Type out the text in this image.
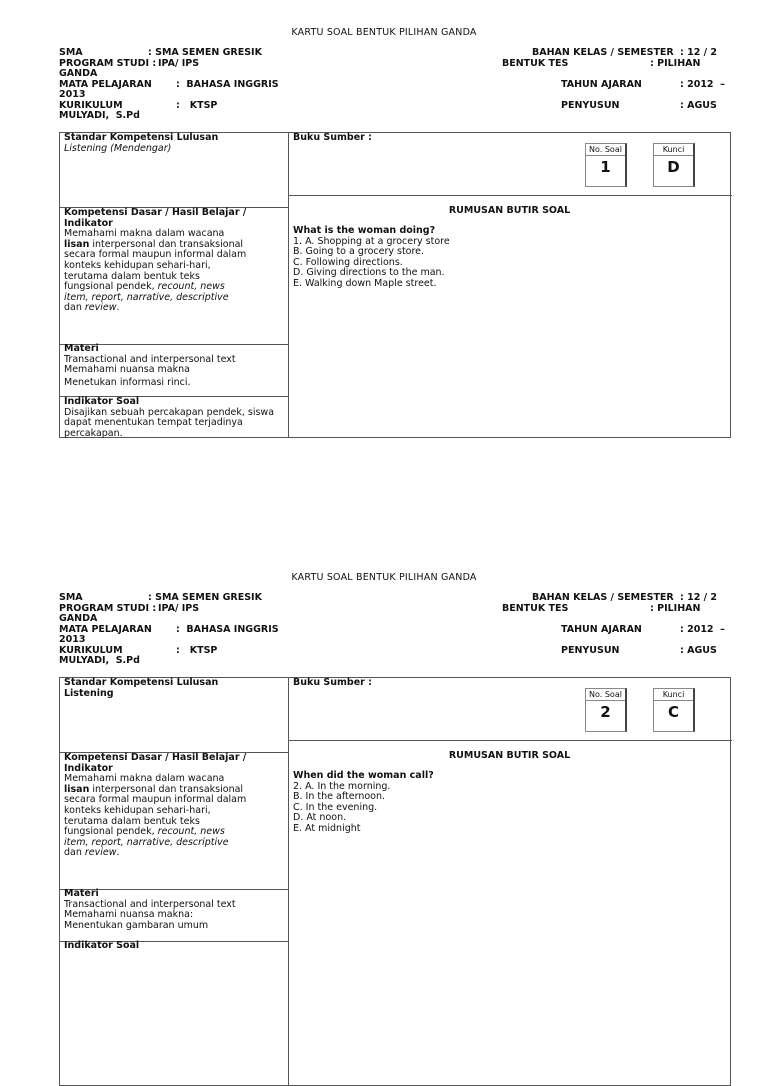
KARTU SOAL BENTUK PILIHAN GANDA
SMA	: SMA SEMEN GRESIK
PROGRAM STUDI : IPA/ IPS
GANDA
MATA PELAJARAN	:  BAHASA INGGRIS
2013
KURIKULUM	:   KTSP
MULYADI,  S.Pd
BAHAN KELAS / SEMESTER : 12 / 2
BENTUK TES	: PILIHAN
TAHUN AJARAN	: 2012  –
PENYUSUN	: AGUS
Standar Kompetensi Lulusan
Listening (Mendengar)
Buku Sumber :
No. Soal
1
Kunci
D
Kompetensi Dasar / Hasil Belajar / Indikator
Memahami makna dalam wacana
lisan interpersonal dan transaksional
secara formal maupun informal dalam
konteks kehidupan sehari-hari,
terutama dalam bentuk teks
fungsional pendek, recount, news
item, report, narrative, descriptive
dan review.
RUMUSAN BUTIR SOAL
What is the woman doing?
1. A. Shopping at a grocery store
B. Going to a grocery store.
C. Following directions.
D. Giving directions to the man.
E. Walking down Maple street.
Materi
Transactional and interpersonal text
Memahami nuansa makna
Menetukan informasi rinci.
Indikator Soal
Disajikan sebuah percakapan pendek, siswa
dapat menentukan tempat terjadinya
percakapan.
KARTU SOAL BENTUK PILIHAN GANDA
SMA	: SMA SEMEN GRESIK
PROGRAM STUDI : IPA/ IPS
GANDA
MATA PELAJARAN	:  BAHASA INGGRIS
2013
KURIKULUM	:   KTSP
MULYADI,  S.Pd
BAHAN KELAS / SEMESTER : 12 / 2
BENTUK TES	: PILIHAN
TAHUN AJARAN	: 2012  –
PENYUSUN	: AGUS
Standar Kompetensi Lulusan
Listening
Buku Sumber :
No. Soal
2
Kunci
C
Kompetensi Dasar / Hasil Belajar / Indikator
Memahami makna dalam wacana
lisan interpersonal dan transaksional
secara formal maupun informal dalam
konteks kehidupan sehari-hari,
terutama dalam bentuk teks
fungsional pendek, recount, news
item, report, narrative, descriptive
dan review.
RUMUSAN BUTIR SOAL
When did the woman call?
2. A. In the morning.
B. In the afternoon.
C. In the evening.
D. At noon.
E. At midnight
Materi
Transactional and interpersonal text
Memahami nuansa makna:
Menentukan gambaran umum
Indikator Soal
